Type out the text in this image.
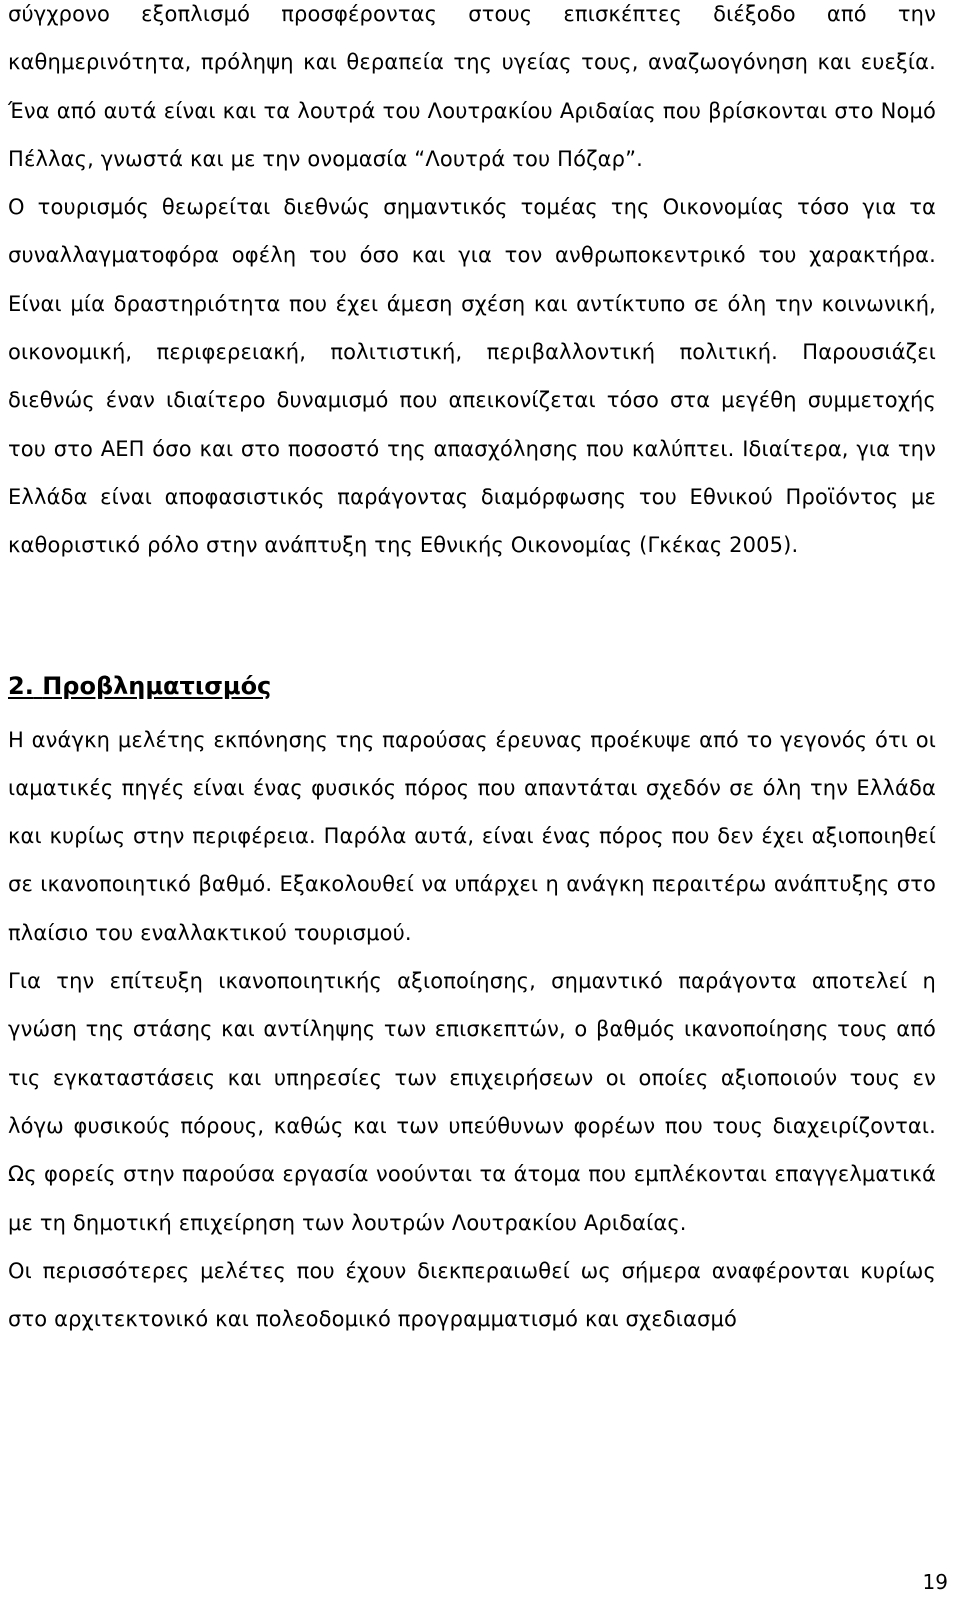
σύγχρονο εξοπλισμό προσφέροντας στους επισκέπτες διέξοδο από την καθημερινότητα, πρόληψη και θεραπεία της υγείας τους, αναζωογόνηση και ευεξία. Ένα από αυτά είναι και τα λουτρά του Λουτρακίου Αριδαίας που βρίσκονται στο Νομό Πέλλας, γνωστά και με την ονομασία “Λουτρά του Πόζαρ”.

Ο τουρισμός θεωρείται διεθνώς σημαντικός τομέας της Οικονομίας τόσο για τα συναλλαγματοφόρα οφέλη του όσο και για τον ανθρωποκεντρικό του χαρακτήρα. Είναι μία δραστηριότητα που έχει άμεση σχέση και αντίκτυπο σε όλη την κοινωνική, οικονομική, περιφερειακή, πολιτιστική, περιβαλλοντική πολιτική. Παρουσιάζει διεθνώς έναν ιδιαίτερο δυναμισμό που απεικονίζεται τόσο στα μεγέθη συμμετοχής του στο ΑΕΠ όσο και στο ποσοστό της απασχόλησης που καλύπτει. Ιδιαίτερα, για την Ελλάδα είναι αποφασιστικός παράγοντας διαμόρφωσης του Εθνικού Προϊόντος με καθοριστικό ρόλο στην ανάπτυξη της Εθνικής Οικονομίας (Γκέκας 2005).

2. Προβληματισμός

Η ανάγκη μελέτης εκπόνησης της παρούσας έρευνας προέκυψε από το γεγονός ότι οι ιαματικές πηγές είναι ένας φυσικός πόρος που απαντάται σχεδόν σε όλη την Ελλάδα και κυρίως στην περιφέρεια. Παρόλα αυτά, είναι ένας πόρος που δεν έχει αξιοποιηθεί σε ικανοποιητικό βαθμό. Εξακολουθεί να υπάρχει η ανάγκη περαιτέρω ανάπτυξης στο πλαίσιο του εναλλακτικού τουρισμού.

Για την επίτευξη ικανοποιητικής αξιοποίησης, σημαντικό παράγοντα αποτελεί η γνώση της στάσης και αντίληψης των επισκεπτών, ο βαθμός ικανοποίησης τους από τις εγκαταστάσεις και υπηρεσίες των επιχειρήσεων οι οποίες αξιοποιούν τους εν λόγω φυσικούς πόρους, καθώς και των υπεύθυνων φορέων που τους διαχειρίζονται. Ως φορείς στην παρούσα εργασία νοούνται τα άτομα που εμπλέκονται επαγγελματικά με τη δημοτική επιχείρηση των λουτρών Λουτρακίου Αριδαίας.

Οι περισσότερες μελέτες που έχουν διεκπεραιωθεί ως σήμερα αναφέρονται κυρίως στο αρχιτεκτονικό και πολεοδομικό προγραμματισμό και σχεδιασμό

19
